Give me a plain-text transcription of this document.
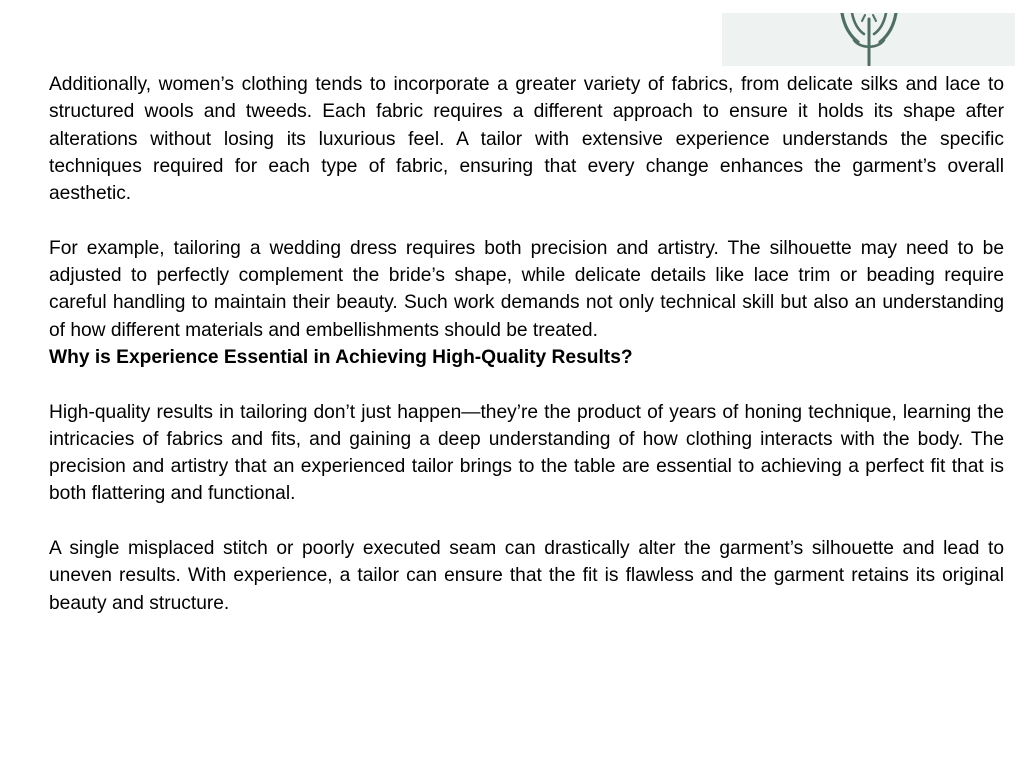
Additionally, women’s clothing tends to incorporate a greater variety of fabrics, from delicate silks and lace to structured wools and tweeds. Each fabric requires a different approach to ensure it holds its shape after alterations without losing its luxurious feel. A tailor with extensive experience understands the specific techniques required for each type of fabric, ensuring that every change enhances the garment’s overall aesthetic.

For example, tailoring a wedding dress requires both precision and artistry. The silhouette may need to be adjusted to perfectly complement the bride’s shape, while delicate details like lace trim or beading require careful handling to maintain their beauty. Such work demands not only technical skill but also an understanding of how different materials and embellishments should be treated.

Why is Experience Essential in Achieving High-Quality Results?

High-quality results in tailoring don’t just happen—they’re the product of years of honing technique, learning the intricacies of fabrics and fits, and gaining a deep understanding of how clothing interacts with the body. The precision and artistry that an experienced tailor brings to the table are essential to achieving a perfect fit that is both flattering and functional.

A single misplaced stitch or poorly executed seam can drastically alter the garment’s silhouette and lead to uneven results. With experience, a tailor can ensure that the fit is flawless and the garment retains its original beauty and structure.
